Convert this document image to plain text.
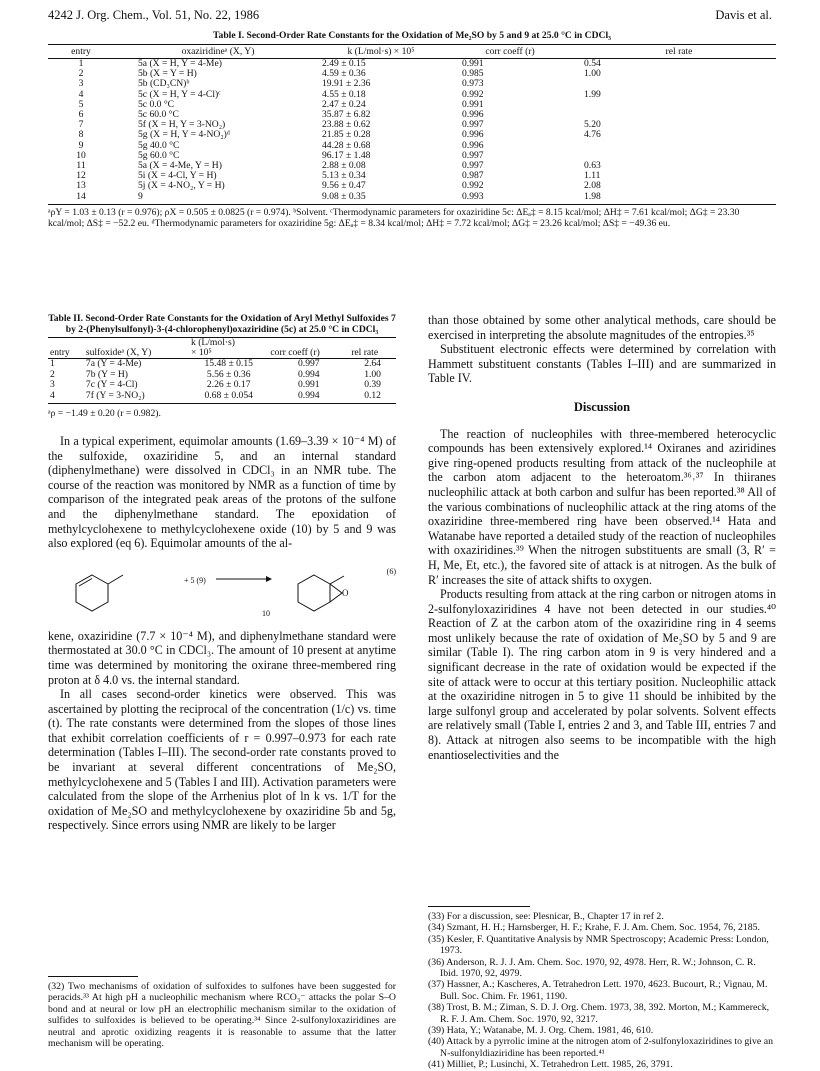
4242 J. Org. Chem., Vol. 51, No. 22, 1986	Davis et al.
Table I. Second-Order Rate Constants for the Oxidation of Me₂SO by 5 and 9 at 25.0 °C in CDCl₃
entry	oxaziridineᵃ (X, Y)	k (L/mol·s) × 10⁵	corr coeff (r)	rel rate
1	5a (X = H, Y = 4-Me)	2.49 ± 0.15	0.991	0.54
2	5b (X = Y = H)	4.59 ± 0.36	0.985	1.00
3	5b (CD₃CN)ᵇ	19.91 ± 2.36	0.973	
4	5c (X = H, Y = 4-Cl)ᶜ	4.55 ± 0.18	0.992	1.99
5	5c 0.0 °C	2.47 ± 0.24	0.991	
6	5c 60.0 °C	35.87 ± 6.82	0.996	
7	5f (X = H, Y = 3-NO₂)	23.88 ± 0.62	0.997	5.20
8	5g (X = H, Y = 4-NO₂)ᵈ	21.85 ± 0.28	0.996	4.76
9	5g 40.0 °C	44.28 ± 0.68	0.996	
10	5g 60.0 °C	96.17 ± 1.48	0.997	
11	5a (X = 4-Me, Y = H)	2.88 ± 0.08	0.997	0.63
12	5i (X = 4-Cl, Y = H)	5.13 ± 0.34	0.987	1.11
13	5j (X = 4-NO₂, Y = H)	9.56 ± 0.47	0.992	2.08
14	9	9.08 ± 0.35	0.993	1.98
ᵃρY = 1.03 ± 0.13 (r = 0.976); ρX = 0.505 ± 0.0825 (r = 0.974). ᵇSolvent. ᶜThermodynamic parameters for oxaziridine 5c: ΔEₐ‡ = 8.15 kcal/mol; ΔH‡ = 7.61 kcal/mol; ΔG‡ = 23.30 kcal/mol; ΔS‡ = −52.2 eu. ᵈThermodynamic parameters for oxaziridine 5g: ΔEₐ‡ = 8.34 kcal/mol; ΔH‡ = 7.72 kcal/mol; ΔG‡ = 23.26 kcal/mol; ΔS‡ = −49.36 eu.
Table II. Second-Order Rate Constants for the Oxidation of Aryl Methyl Sulfoxides 7 by 2-(Phenylsulfonyl)-3-(4-chlorophenyl)oxaziridine (5c) at 25.0 °C in CDCl₃
		k (L/mol·s)		
entry	sulfoxideᵃ (X, Y)	× 10⁵	corr coeff (r)	rel rate
1	7a (Y = 4-Me)	15.48 ± 0.15	0.997	2.64
2	7b (Y = H)	5.56 ± 0.36	0.994	1.00
3	7c (Y = 4-Cl)	2.26 ± 0.17	0.991	0.39
4	7f (Y = 3-NO₂)	0.68 ± 0.054	0.994	0.12
ᵃρ = −1.49 ± 0.20 (r = 0.982).

In a typical experiment, equimolar amounts (1.69–3.39 × 10⁻⁴ M) of the sulfoxide, oxaziridine 5, and an internal standard (diphenylmethane) were dissolved in CDCl₃ in an NMR tube. The course of the reaction was monitored by NMR as a function of time by comparison of the integrated peak areas of the protons of the sulfone and the diphenylmethane standard. The epoxidation of methylcyclohexene to methylcyclohexene oxide (10) by 5 and 9 was also explored (eq 6). Equimolar amounts of the al-

O
+ 5 (9)
10
(6)

kene, oxaziridine (7.7 × 10⁻⁴ M), and diphenylmethane standard were thermostated at 30.0 °C in CDCl₃. The amount of 10 present at anytime time was determined by monitoring the oxirane three-membered ring proton at δ 4.0 vs. the internal standard.

In all cases second-order kinetics were observed. This was ascertained by plotting the reciprocal of the concentration (1/c) vs. time (t). The rate constants were determined from the slopes of those lines that exhibit correlation coefficients of r = 0.997–0.973 for each rate determination (Tables I–III). The second-order rate constants proved to be invariant at several different concentrations of Me₂SO, methylcyclohexene and 5 (Tables I and III). Activation parameters were calculated from the slope of the Arrhenius plot of ln k vs. 1/T for the oxidation of Me₂SO and methylcyclohexene by oxaziridine 5b and 5g, respectively. Since errors using NMR are likely to be larger

than those obtained by some other analytical methods, care should be exercised in interpreting the absolute magnitudes of the entropies.³⁵

Substituent electronic effects were determined by correlation with Hammett substituent constants (Tables I–III) and are summarized in Table IV.

Discussion

The reaction of nucleophiles with three-membered heterocyclic compounds has been extensively explored.¹⁴ Oxiranes and aziridines give ring-opened products resulting from attack of the nucleophile at the carbon atom adjacent to the heteroatom.³⁶˒³⁷ In thiiranes nucleophilic attack at both carbon and sulfur has been reported.³⁸ All of the various combinations of nucleophilic attack at the ring atoms of the oxaziridine three-membered ring have been observed.¹⁴ Hata and Watanabe have reported a detailed study of the reaction of nucleophiles with oxaziridines.³⁹ When the nitrogen substituents are small (3, R′ = H, Me, Et, etc.), the favored site of attack is at nitrogen. As the bulk of R′ increases the site of attack shifts to oxygen.

Products resulting from attack at the ring carbon or nitrogen atoms in 2-sulfonyloxaziridines 4 have not been detected in our studies.⁴⁰ Reaction of Z at the carbon atom of the oxaziridine ring in 4 seems most unlikely because the rate of oxidation of Me₂SO by 5 and 9 are similar (Table I). The ring carbon atom in 9 is very hindered and a significant decrease in the rate of oxidation would be expected if the site of attack were to occur at this tertiary position. Nucleophilic attack at the oxaziridine nitrogen in 5 to give 11 should be inhibited by the large sulfonyl group and accelerated by polar solvents. Solvent effects are relatively small (Table I, entries 2 and 3, and Table III, entries 7 and 8). Attack at nitrogen also seems to be incompatible with the high enantioselectivities and the

(33) For a discussion, see: Plesnicar, B., Chapter 17 in ref 2.
(34) Szmant, H. H.; Harnsberger, H. F.; Krahe, F. J. Am. Chem. Soc. 1954, 76, 2185.
(35) Kesler, F. Quantitative Analysis by NMR Spectroscopy; Academic Press: London, 1973.
(36) Anderson, R. J. J. Am. Chem. Soc. 1970, 92, 4978. Herr, R. W.; Johnson, C. R. Ibid. 1970, 92, 4979.
(37) Hassner, A.; Kascheres, A. Tetrahedron Lett. 1970, 4623. Bucourt, R.; Vignau, M. Bull. Soc. Chim. Fr. 1961, 1190.
(38) Trost, B. M.; Ziman, S. D. J. Org. Chem. 1973, 38, 392. Morton, M.; Kammereck, R. F. J. Am. Chem. Soc. 1970, 92, 3217.
(39) Hata, Y.; Watanabe, M. J. Org. Chem. 1981, 46, 610.
(40) Attack by a pyrrolic imine at the nitrogen atom of 2-sulfonyloxaziridines to give an N-sulfonyldiaziridine has been reported.⁴¹
(41) Milliet, P.; Lusinchi, X. Tetrahedron Lett. 1985, 26, 3791.
(32) Two mechanisms of oxidation of sulfoxides to sulfones have been suggested for peracids.³³ At high pH a nucleophilic mechanism where RCO₃⁻ attacks the polar S–O bond and at neural or low pH an electrophilic mechanism similar to the oxidation of sulfides to sulfoxides is believed to be operating.³⁴ Since 2-sulfonyloxaziridines are neutral and aprotic oxidizing reagents it is reasonable to assume that the latter mechanism will be operating.
